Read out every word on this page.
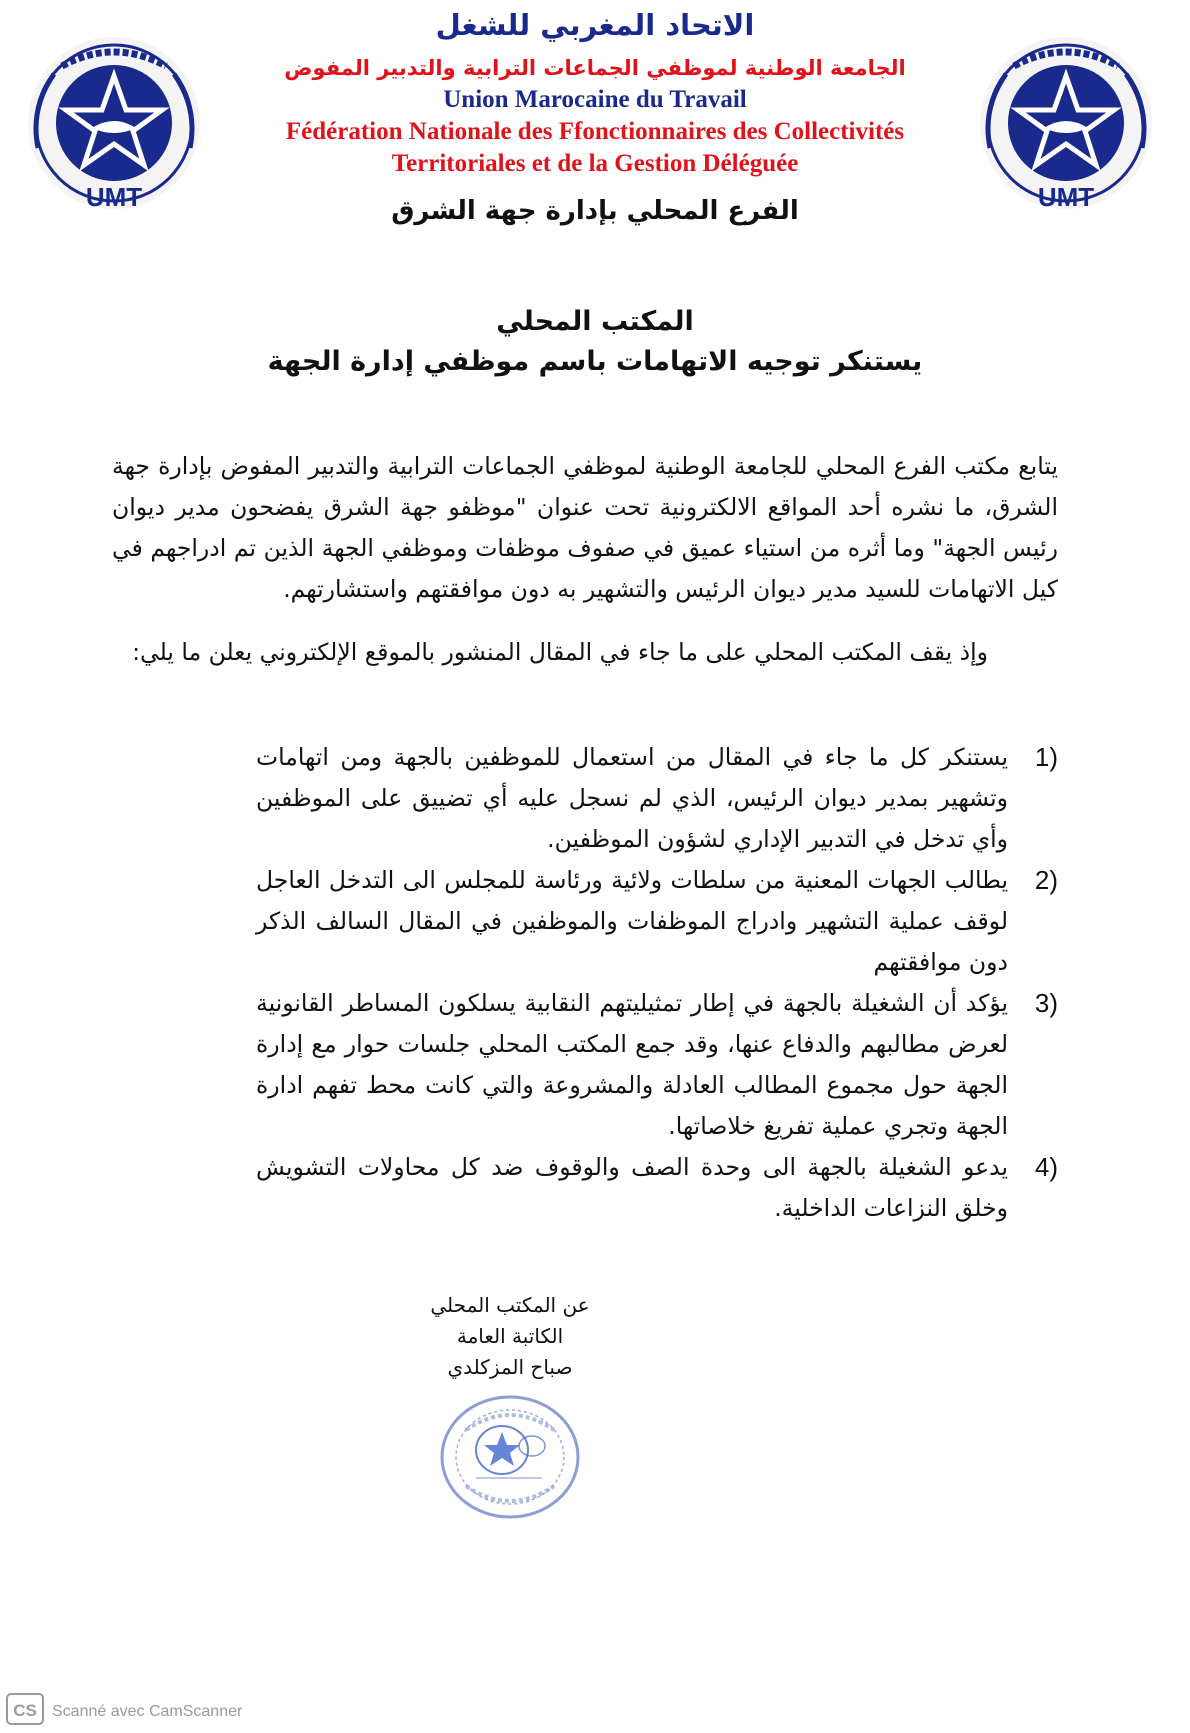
UMT	UMT
الاتحاد المغربي للشغل
الجامعة الوطنية لموظفي الجماعات الترابية والتدبير المفوض
Union Marocaine du Travail
Fédération Nationale des Ffonctionnaires des Collectivités
Territoriales et de la Gestion Déléguée
الفرع المحلي بإدارة جهة الشرق
المكتب المحلي
يستنكر توجيه الاتهامات باسم موظفي إدارة الجهة
يتابع مكتب الفرع المحلي للجامعة الوطنية لموظفي الجماعات الترابية والتدبير المفوض بإدارة جهة الشرق، ما نشره أحد المواقع الالكترونية تحت عنوان "موظفو جهة الشرق يفضحون مدير ديوان رئيس الجهة" وما أثره من استياء عميق في صفوف موظفات وموظفي الجهة الذين تم ادراجهم في كيل الاتهامات للسيد مدير ديوان الرئيس والتشهير به دون موافقتهم واستشارتهم.
وإذ يقف المكتب المحلي على ما جاء في المقال المنشور بالموقع الإلكتروني يعلن ما يلي:
1)
يستنكر كل ما جاء في المقال من استعمال للموظفين بالجهة ومن اتهامات وتشهير بمدير ديوان الرئيس، الذي لم نسجل عليه أي تضييق على الموظفين وأي تدخل في التدبير الإداري لشؤون الموظفين.
2)
يطالب الجهات المعنية من سلطات ولائية ورئاسة للمجلس الى التدخل العاجل لوقف عملية التشهير وادراج الموظفات والموظفين في المقال السالف الذكر دون موافقتهم
3)
يؤكد أن الشغيلة بالجهة في إطار تمثيليتهم النقابية يسلكون المساطر القانونية لعرض مطالبهم والدفاع عنها، وقد جمع المكتب المحلي جلسات حوار مع إدارة الجهة حول مجموع المطالب العادلة والمشروعة والتي كانت محط تفهم ادارة الجهة وتجري عملية تفريغ خلاصاتها.
4)
يدعو الشغيلة بالجهة الى وحدة الصف والوقوف ضد كل محاولات التشويش وخلق النزاعات الداخلية.
عن المكتب المحلي
الكاتبة العامة
صباح المزكلدي
CS Scanné avec CamScanner
